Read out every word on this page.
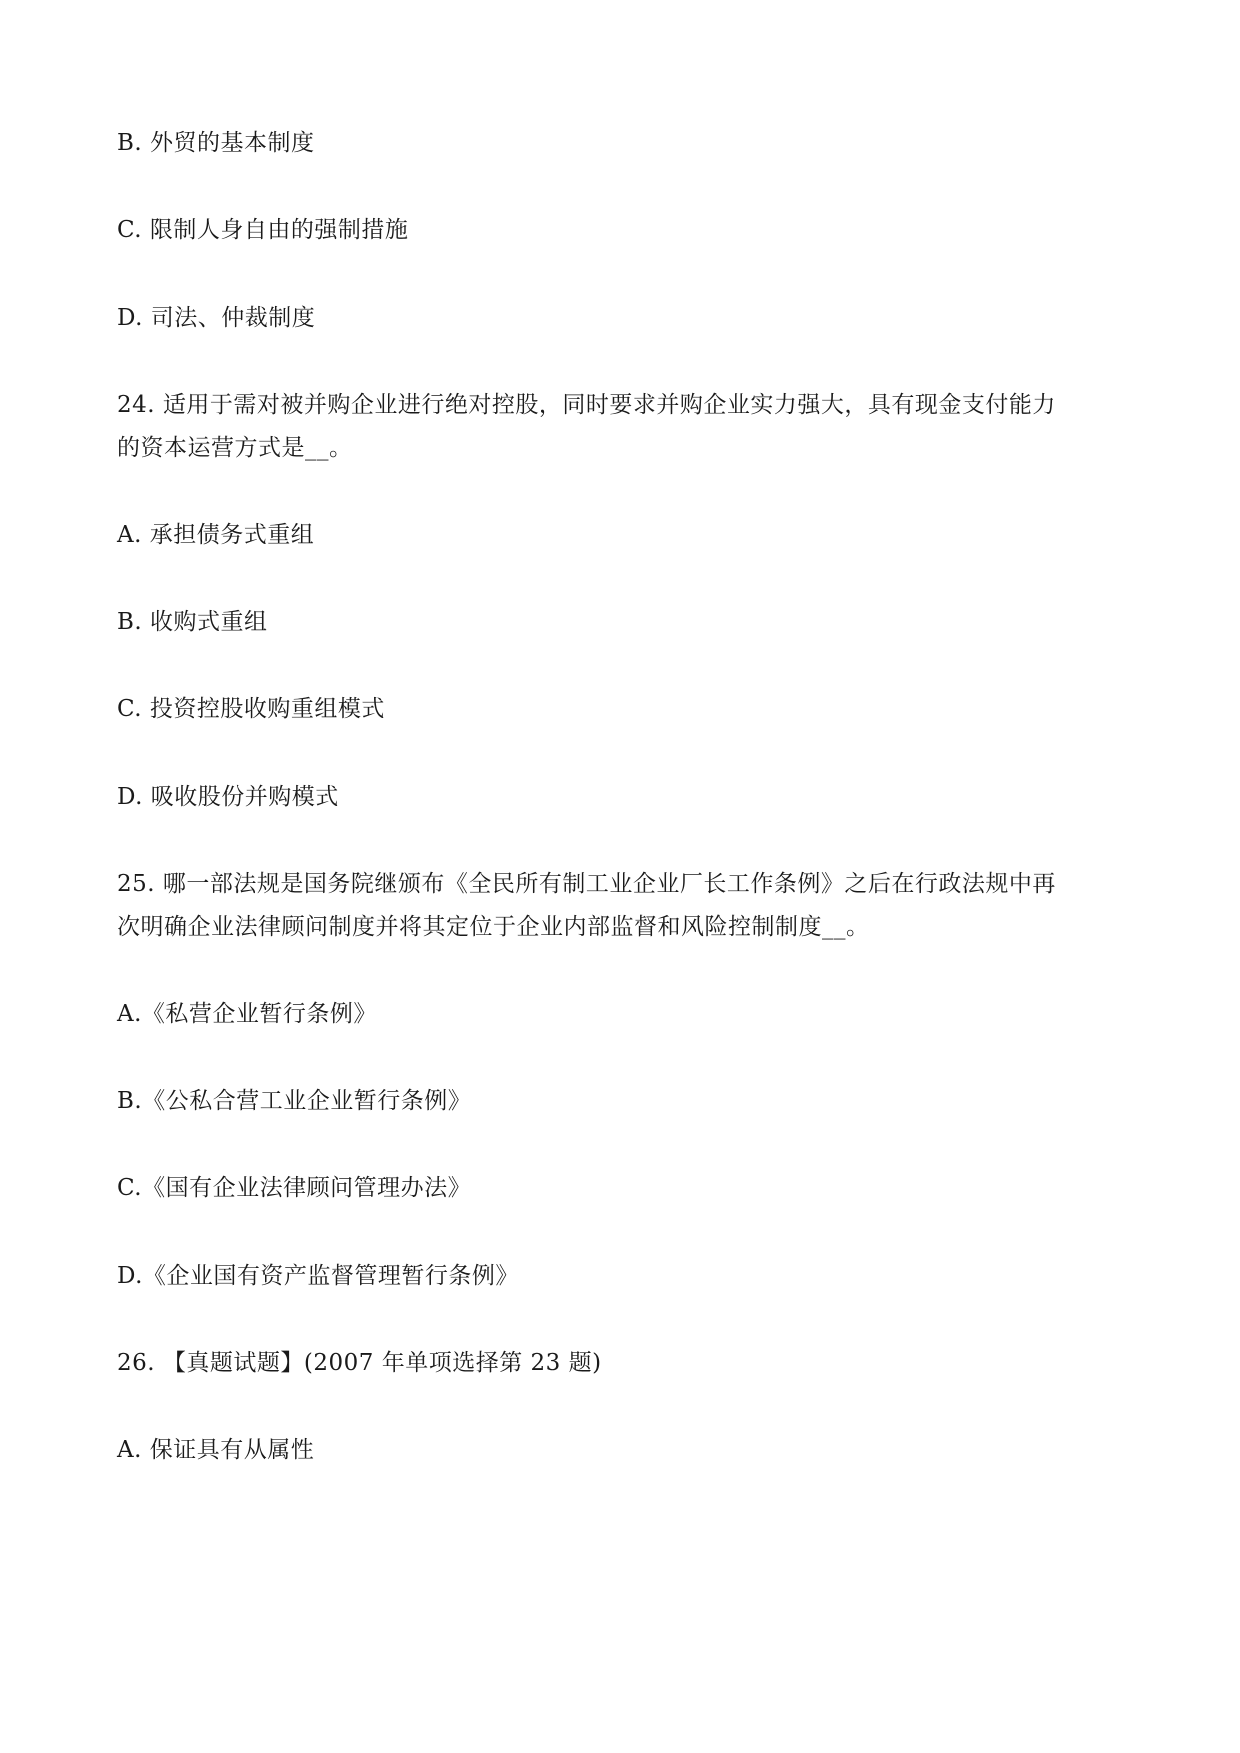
B. 外贸的基本制度
C. 限制人身自由的强制措施
D. 司法、仲裁制度
24. 适用于需对被并购企业进行绝对控股，同时要求并购企业实力强大，具有现金支付能力
的资本运营方式是__。
A. 承担债务式重组
B. 收购式重组
C. 投资控股收购重组模式
D. 吸收股份并购模式
25. 哪一部法规是国务院继颁布《全民所有制工业企业厂长工作条例》之后在行政法规中再
次明确企业法律顾问制度并将其定位于企业内部监督和风险控制制度__。
A.《私营企业暂行条例》
B.《公私合营工业企业暂行条例》
C.《国有企业法律顾问管理办法》
D.《企业国有资产监督管理暂行条例》
26. 【真题试题】(2007 年单项选择第 23 题)
A. 保证具有从属性
